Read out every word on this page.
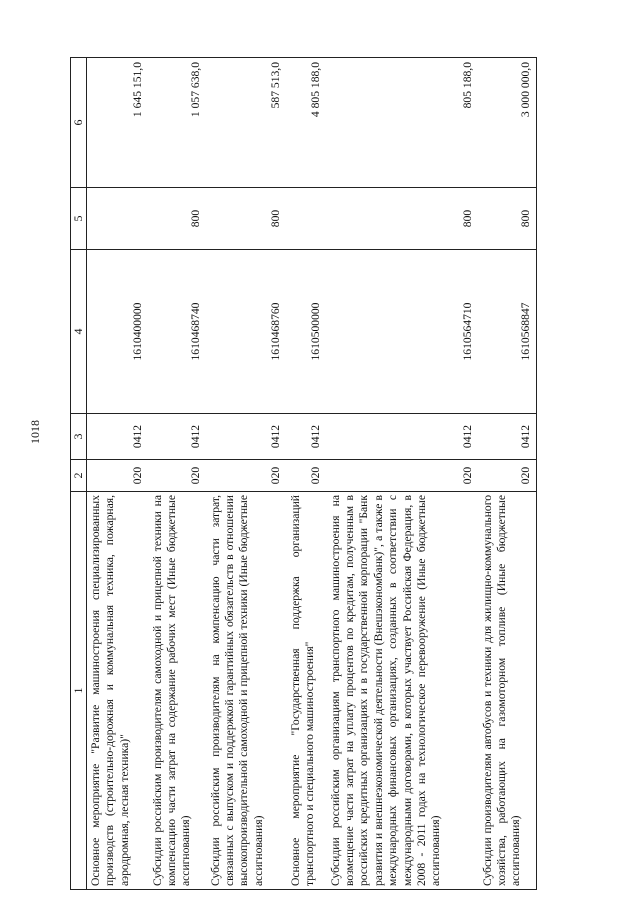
1018
1	2	3	4	5	6
Основное мероприятие "Развитие машиностроения специализированных производств (строительно-дорожная и коммунальная техника, пожарная, аэродромная, лесная техника)"	020	0412	1610400000		1 645 151,0
Субсидии российским производителям самоходной и прицепной техники на компенсацию части затрат на содержание рабочих мест (Иные бюджетные ассигнования)	020	0412	1610468740	800	1 057 638,0
Субсидии российским производителям на компенсацию части затрат, связанных с выпуском и поддержкой гарантийных обязательств в отношении высокопроизводительной самоходной и прицепной техники (Иные бюджетные ассигнования)	020	0412	1610468760	800	587 513,0
Основное мероприятие "Государственная поддержка организаций транспортного и специального машиностроения"	020	0412	1610500000		4 805 188,0
Субсидии российским организациям транспортного машиностроения на возмещение части затрат на уплату процентов по кредитам, полученным в российских кредитных организациях и в государственной корпорации "Банк развития и внешнеэкономической деятельности (Внешэкономбанк)", а также в международных финансовых организациях, созданных в соответствии с международными договорами, в которых участвует Российская Федерация, в 2008 - 2011 годах на технологическое перевооружение (Иные бюджетные ассигнования)	020	0412	1610564710	800	805 188,0
Субсидии производителям автобусов и техники для жилищно-коммунального хозяйства, работающих на газомоторном топливе (Иные бюджетные ассигнования)	020	0412	1610568847	800	3 000 000,0
